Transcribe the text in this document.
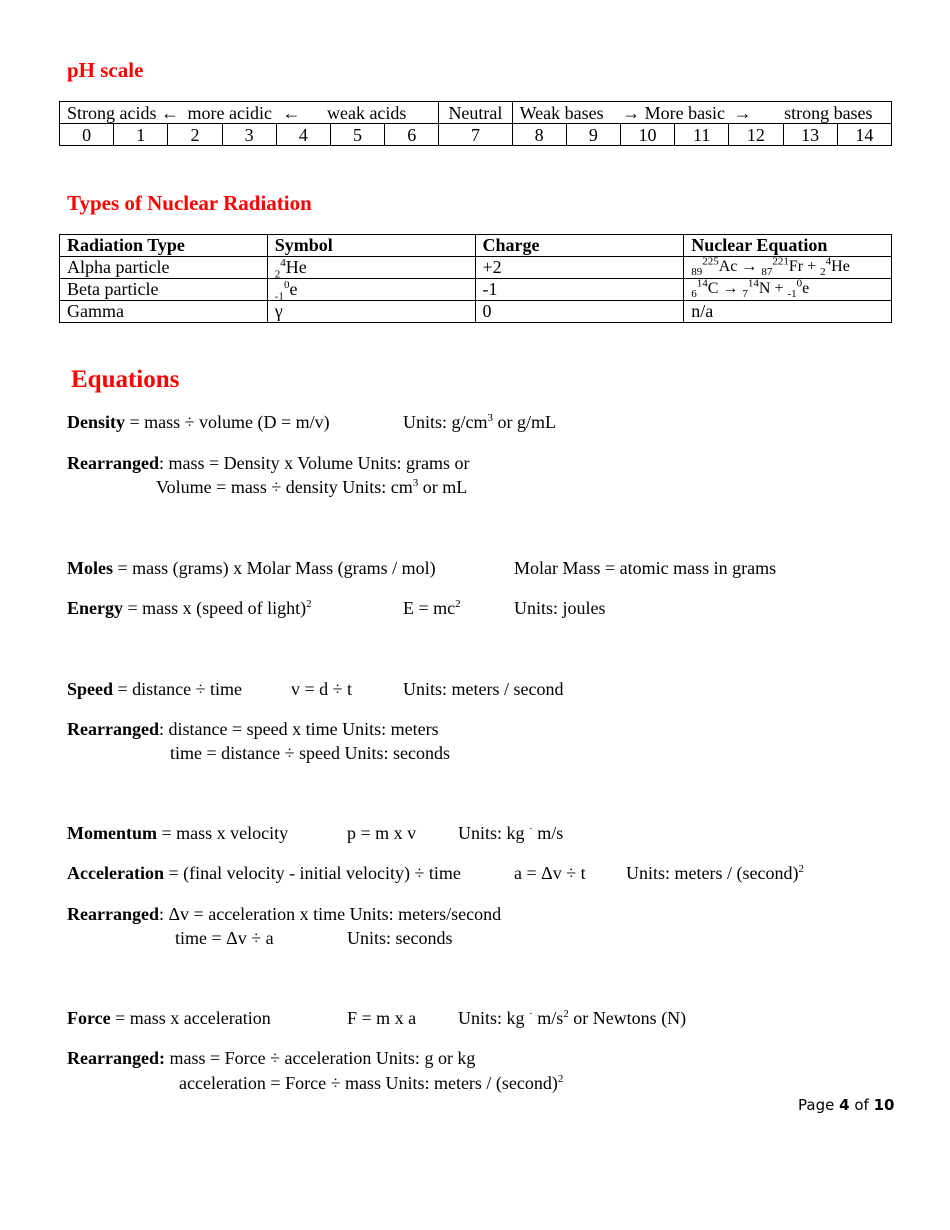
pH scale
Strong acids ← more acidic ← weak acids							Neutral	Weak bases → More basic → strong bases						
0	1	2	3	4	5	6	7	8	9	10	11	12	13	14
Types of Nuclear Radiation
Radiation Type	Symbol	Charge	Nuclear Equation
Alpha particle	$_2^4$He	+2	$_{89}^{225}$Ac → $_{87}^{221}$Fr + $_2^4$He
Beta particle	$_{-1}^0$e	-1	$_6^{14}$C → $_7^{14}$N + $_{-1}^0$e
Gamma	γ	0	n/a
Equations
Density = mass ÷ volume (D = m/v)	Units: $g/cm^3$ or g/mL
Rearranged: mass = Density x Volume Units: grams or
Volume = mass ÷ density Units: $cm^3$ or mL
Moles = mass (grams) x Molar Mass (grams / mol)	Molar Mass = atomic mass in grams
Energy = mass x (speed of light)$^2$	$E = mc^2$	Units: joules
Speed = distance ÷ time	v = d ÷ t	Units: meters / second
Rearranged: distance = speed x time Units: meters
time = distance ÷ speed Units: seconds
Momentum = mass x velocity	p = m x v Units: kg · m/s
Acceleration = (final velocity - initial velocity) ÷ time	a = Δv ÷ t Units: meters / (second)$^2$
Rearranged: Δv = acceleration x time Units: meters/second
time = Δv ÷ a	Units: seconds
Force = mass x acceleration	F = m x a Units: kg · $m/s^2$ or Newtons (N)
Rearranged: mass = Force ÷ acceleration Units: g or kg
acceleration = Force ÷ mass Units: meters / (second)$^2$
Page 4 of 10
